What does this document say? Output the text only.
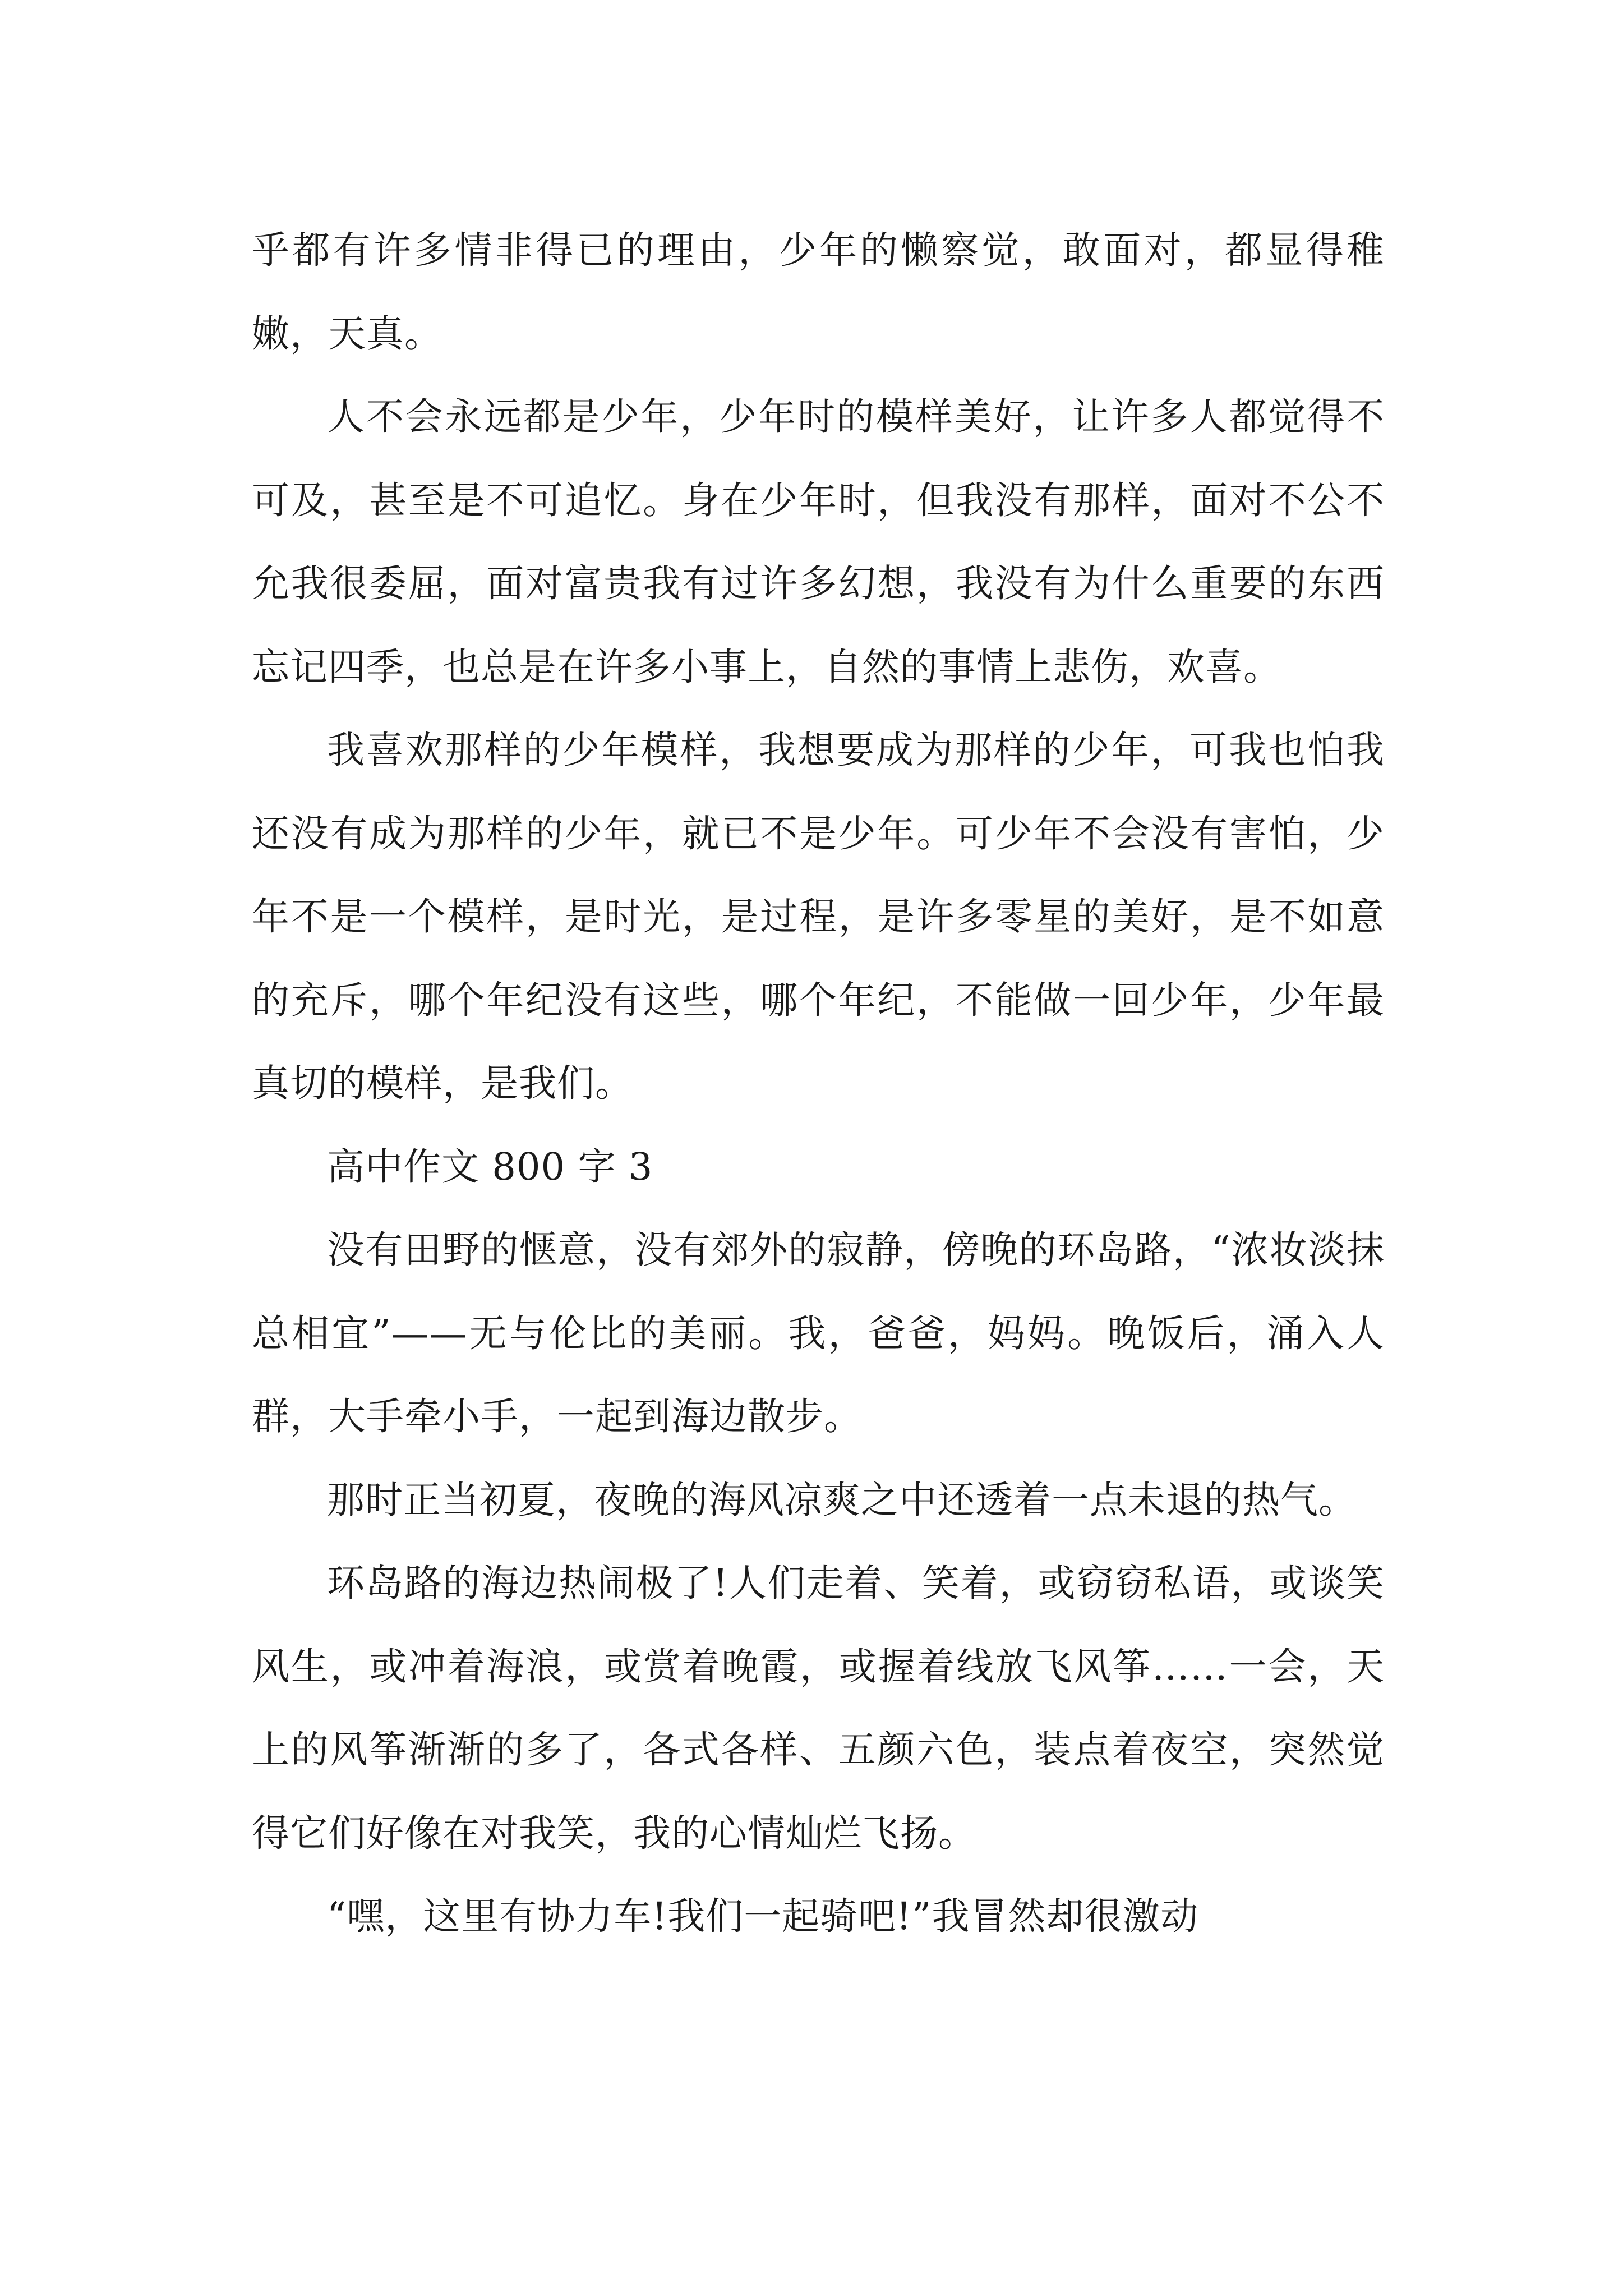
乎都有许多情非得已的理由，少年的懒察觉，敢面对，都显得稚嫩，天真。

人不会永远都是少年，少年时的模样美好，让许多人都觉得不可及，甚至是不可追忆。身在少年时，但我没有那样，面对不公不允我很委屈，面对富贵我有过许多幻想，我没有为什么重要的东西忘记四季，也总是在许多小事上，自然的事情上悲伤，欢喜。

我喜欢那样的少年模样，我想要成为那样的少年，可我也怕我还没有成为那样的少年，就已不是少年。可少年不会没有害怕，少年不是一个模样，是时光，是过程，是许多零星的美好，是不如意的充斥，哪个年纪没有这些，哪个年纪，不能做一回少年，少年最真切的模样，是我们。

高中作文 800 字 3

没有田野的惬意，没有郊外的寂静，傍晚的环岛路，“浓妆淡抹总相宜”——无与伦比的美丽。我，爸爸，妈妈。晚饭后，涌入人群，大手牵小手，一起到海边散步。

那时正当初夏，夜晚的海风凉爽之中还透着一点未退的热气。

环岛路的海边热闹极了!人们走着、笑着，或窃窃私语，或谈笑风生，或冲着海浪，或赏着晚霞，或握着线放飞风筝……一会，天上的风筝渐渐的多了，各式各样、五颜六色，装点着夜空，突然觉得它们好像在对我笑，我的心情灿烂飞扬。

“嘿，这里有协力车!我们一起骑吧!”我冒然却很激动
